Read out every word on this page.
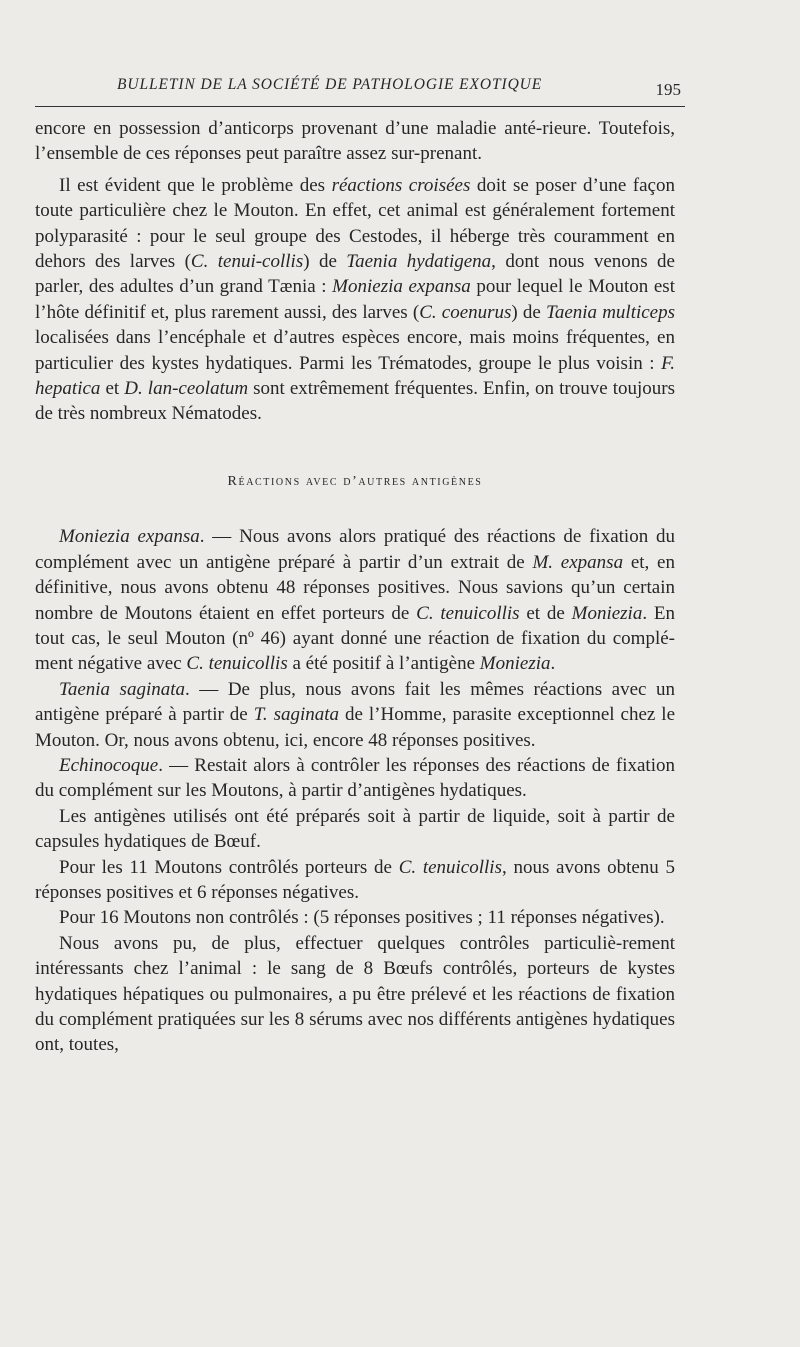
BULLETIN DE LA SOCIÉTÉ DE PATHOLOGIE EXOTIQUE	195

encore en possession d’anticorps provenant d’une maladie anté-rieure. Toutefois, l’ensemble de ces réponses peut paraître assez sur-prenant.

Il est évident que le problème des réactions croisées doit se poser d’une façon toute particulière chez le Mouton. En effet, cet animal est généralement fortement polyparasité : pour le seul groupe des Cestodes, il héberge très couramment en dehors des larves (C. tenui-collis) de Taenia hydatigena, dont nous venons de parler, des adultes d’un grand Tænia : Moniezia expansa pour lequel le Mouton est l’hôte définitif et, plus rarement aussi, des larves (C. coenurus) de Taenia multiceps localisées dans l’encéphale et d’autres espèces encore, mais moins fréquentes, en particulier des kystes hydatiques. Parmi les Trématodes, groupe le plus voisin : F. hepatica et D. lan-ceolatum sont extrêmement fréquentes. Enfin, on trouve toujours de très nombreux Nématodes.

Réactions avec d’autres antigènes

Moniezia expansa. — Nous avons alors pratiqué des réactions de fixation du complément avec un antigène préparé à partir d’un extrait de M. expansa et, en définitive, nous avons obtenu 48 réponses positives. Nous savions qu’un certain nombre de Moutons étaient en effet porteurs de C. tenuicollis et de Moniezia. En tout cas, le seul Mouton (nº 46) ayant donné une réaction de fixation du complé-ment négative avec C. tenuicollis a été positif à l’antigène Moniezia.

Taenia saginata. — De plus, nous avons fait les mêmes réactions avec un antigène préparé à partir de T. saginata de l’Homme, parasite exceptionnel chez le Mouton. Or, nous avons obtenu, ici, encore 48 réponses positives.

Echinocoque. — Restait alors à contrôler les réponses des réactions de fixation du complément sur les Moutons, à partir d’antigènes hydatiques.

Les antigènes utilisés ont été préparés soit à partir de liquide, soit à partir de capsules hydatiques de Bœuf.

Pour les 11 Moutons contrôlés porteurs de C. tenuicollis, nous avons obtenu 5 réponses positives et 6 réponses négatives.

Pour 16 Moutons non contrôlés : (5 réponses positives ; 11 réponses négatives).

Nous avons pu, de plus, effectuer quelques contrôles particuliè-rement intéressants chez l’animal : le sang de 8 Bœufs contrôlés, porteurs de kystes hydatiques hépatiques ou pulmonaires, a pu être prélevé et les réactions de fixation du complément pratiquées sur les 8 sérums avec nos différents antigènes hydatiques ont, toutes,
